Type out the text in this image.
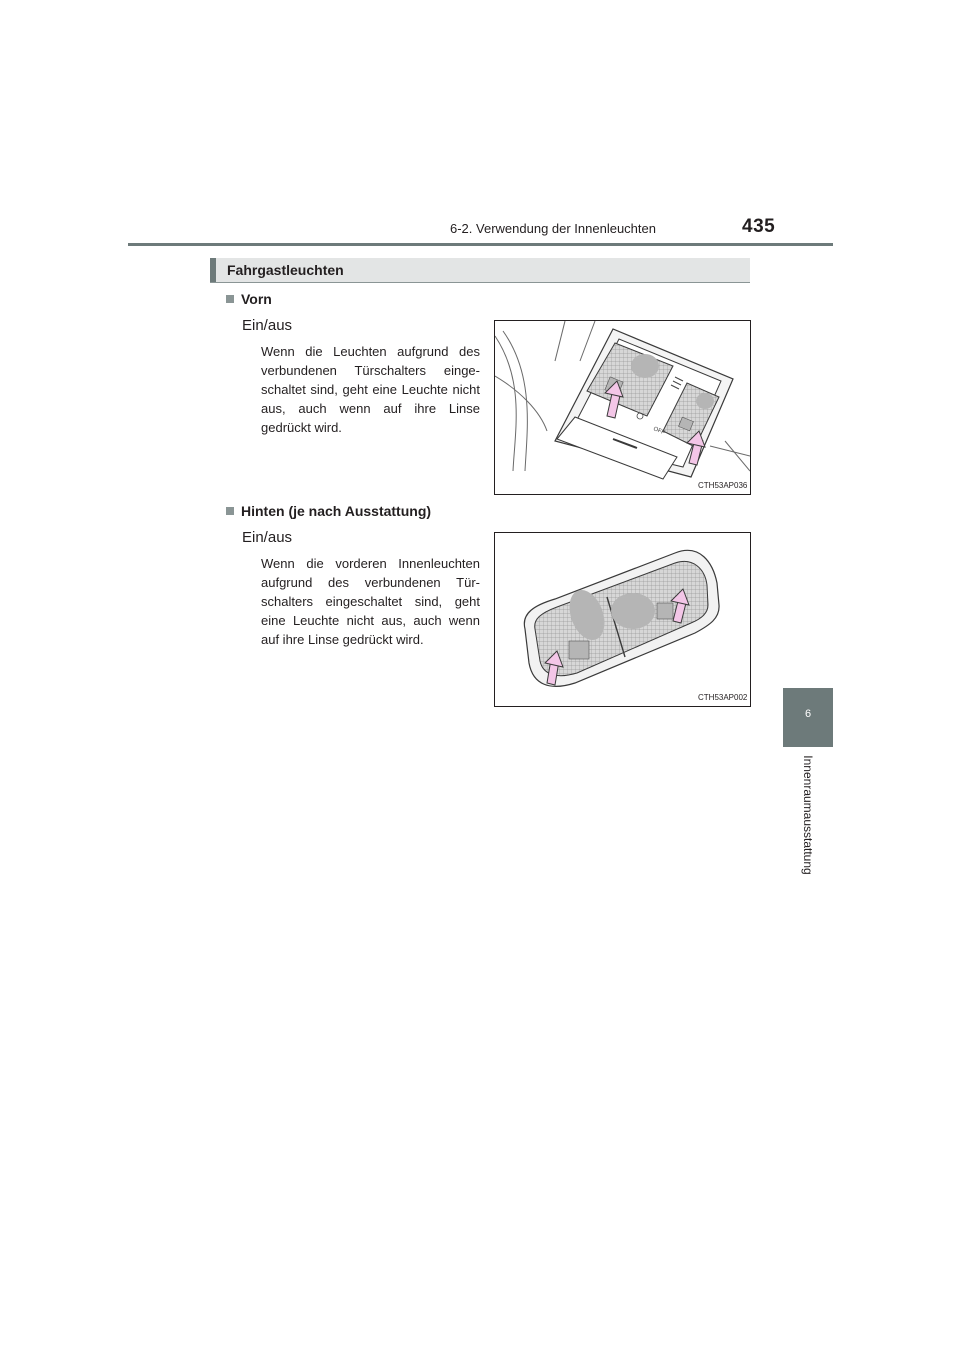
6-2. Verwendung der Innenleuchten	435
Fahrgastleuchten
Vorn
Ein/aus
Wenn die Leuchten aufgrund des verbundenen Türschalters eingeschaltet sind, geht eine Leuchte nicht aus, auch wenn auf ihre Linse gedrückt wird.	OFF
CTH53AP036
Hinten (je nach Ausstattung)
Ein/aus
Wenn die vorderen Innenleuchten aufgrund des verbundenen Türschalters eingeschaltet sind, geht eine Leuchte nicht aus, auch wenn auf ihre Linse gedrückt wird.
CTH53AP002
6
Innenraumausstattung
